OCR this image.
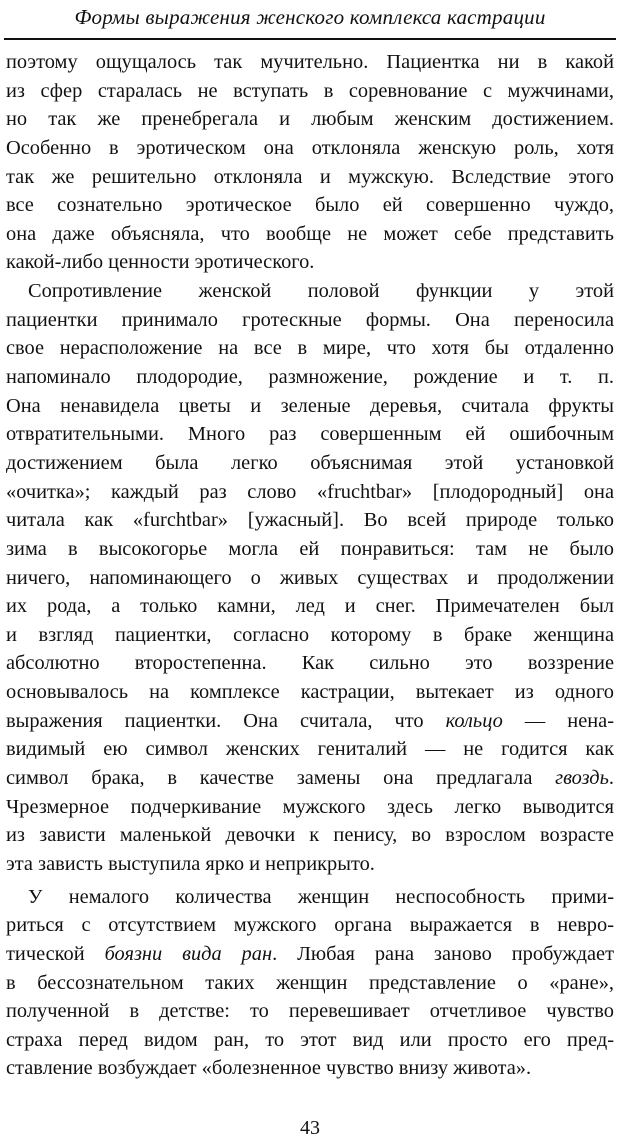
Формы выражения женского комплекса кастрации
поэтому ощущалось так мучительно. Пациентка ни в какой
из сфер старалась не вступать в соревнование с мужчинами,
но так же пренебрегала и любым женским достижением.
Особенно в эротическом она отклоняла женскую роль, хотя
так же решительно отклоняла и мужскую. Вследствие этого
все сознательно эротическое было ей совершенно чуждо,
она даже объясняла, что вообще не может себе представить
какой-либо ценности эротического.
Сопротивление женской половой функции у этой
пациентки принимало гротескные формы. Она переносила
свое нерасположение на все в мире, что хотя бы отдаленно
напоминало плодородие, размножение, рождение и т. п.
Она ненавидела цветы и зеленые деревья, считала фрукты
отвратительными. Много раз совершенным ей ошибочным
достижением была легко объяснимая этой установкой
«очитка»; каждый раз слово «fruchtbar» [плодородный] она
читала как «furchtbar» [ужасный]. Во всей природе только
зима в высокогорье могла ей понравиться: там не было
ничего, напоминающего о живых существах и продолжении
их рода, а только камни, лед и снег. Примечателен был
и взгляд пациентки, согласно которому в браке женщина
абсолютно второстепенна. Как сильно это воззрение
основывалось на комплексе кастрации, вытекает из одного
выражения пациентки. Она считала, что кольцо — нена-
видимый ею символ женских гениталий — не годится как
символ брака, в качестве замены она предлагала гвоздь.
Чрезмерное подчеркивание мужского здесь легко выводится
из зависти маленькой девочки к пенису, во взрослом возрасте
эта зависть выступила ярко и неприкрыто.
У немалого количества женщин неспособность прими-
риться с отсутствием мужского органа выражается в невро-
тической боязни вида ран. Любая рана заново пробуждает
в бессознательном таких женщин представление о «ране»,
полученной в детстве: то перевешивает отчетливое чувство
страха перед видом ран, то этот вид или просто его пред-
ставление возбуждает «болезненное чувство внизу живота».
43
